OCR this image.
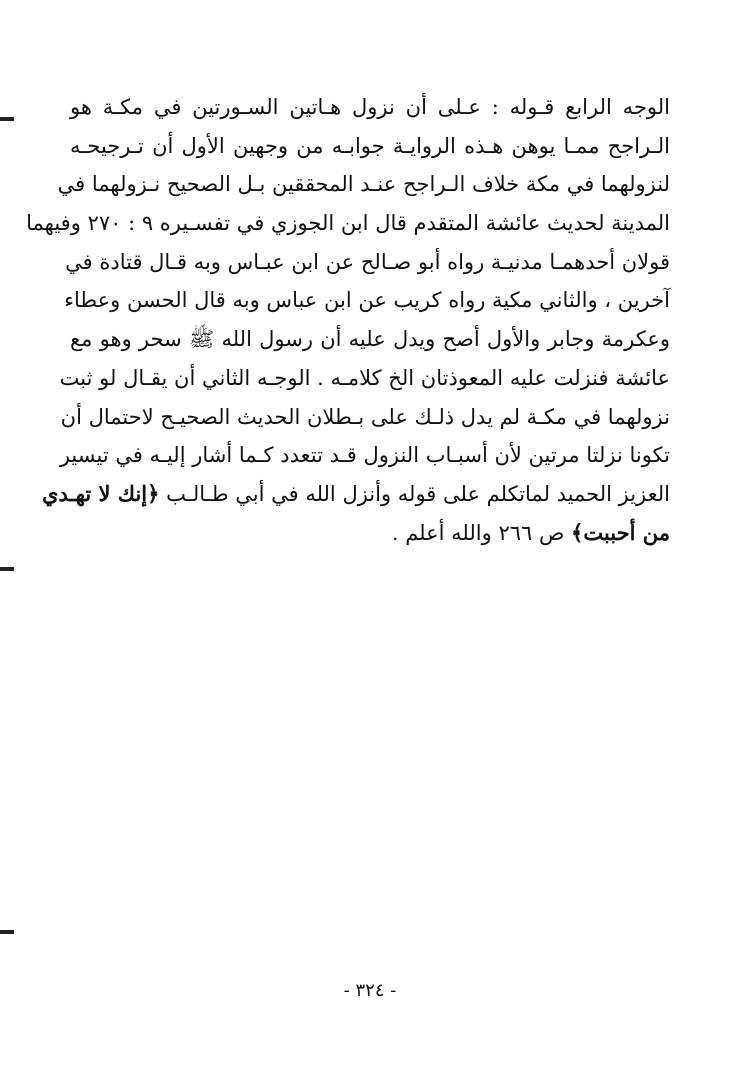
الوجه الرابع قـوله : عـلى أن نزول هـاتين السـورتين في مكـة هو
الـراجح ممـا يوهن هـذه الروايـة جوابـه من وجهين الأول أن تـرجيحـه
لنزولهما في مكة خلاف الـراجح عنـد المحققين بـل الصحيح نـزولهما في
المدينة لحديث عائشة المتقدم قال ابن الجوزي في تفسـيره ٩ : ٢٧٠ وفيهما
قولان أحدهمـا مدنيـة رواه أبو صـالح عن ابن عبـاس وبه قـال قتادة في
آخرين ، والثاني مكية رواه كريب عن ابن عباس وبه قال الحسن وعطاء
وعكرمة وجابر والأول أصح ويدل عليه أن رسول الله ﷺ سحر وهو مع
عائشة فنزلت عليه المعوذتان الخ كلامـه . الوجـه الثاني أن يقـال لو ثبت
نزولهما في مكـة لم يدل ذلـك على بـطلان الحديث الصحيـح لاحتمال أن
تكونا نزلتا مرتين لأن أسبـاب النزول قـد تتعدد كـما أشار إليـه في تيسير
العزيز الحميد لماتكلم على قوله وأنزل الله في أبي طـالـب ﴿إنك لا تهـدي
من أحببت﴾ ص ٢٦٦ والله أعلم .
- ٣٢٤ -
